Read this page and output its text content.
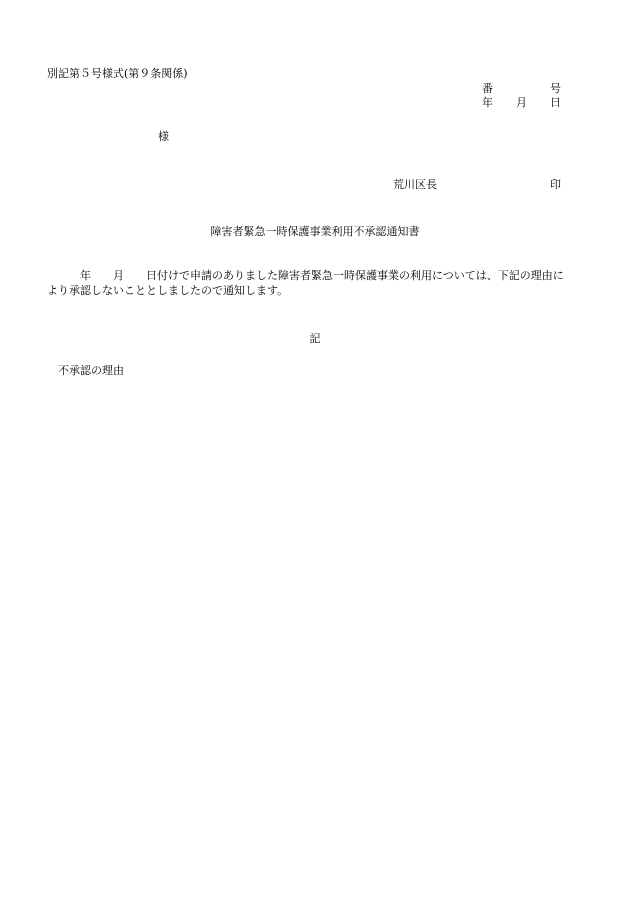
別記第５号様式(第９条関係)
番	号
年 月 日
様
荒川区長	印
障害者緊急一時保護事業利用不承認通知書
年 月 日付けで申請のありました障害者緊急一時保護事業の利用については、下記の理由に
より承認しないこととしましたので通知します。
記
不承認の理由
